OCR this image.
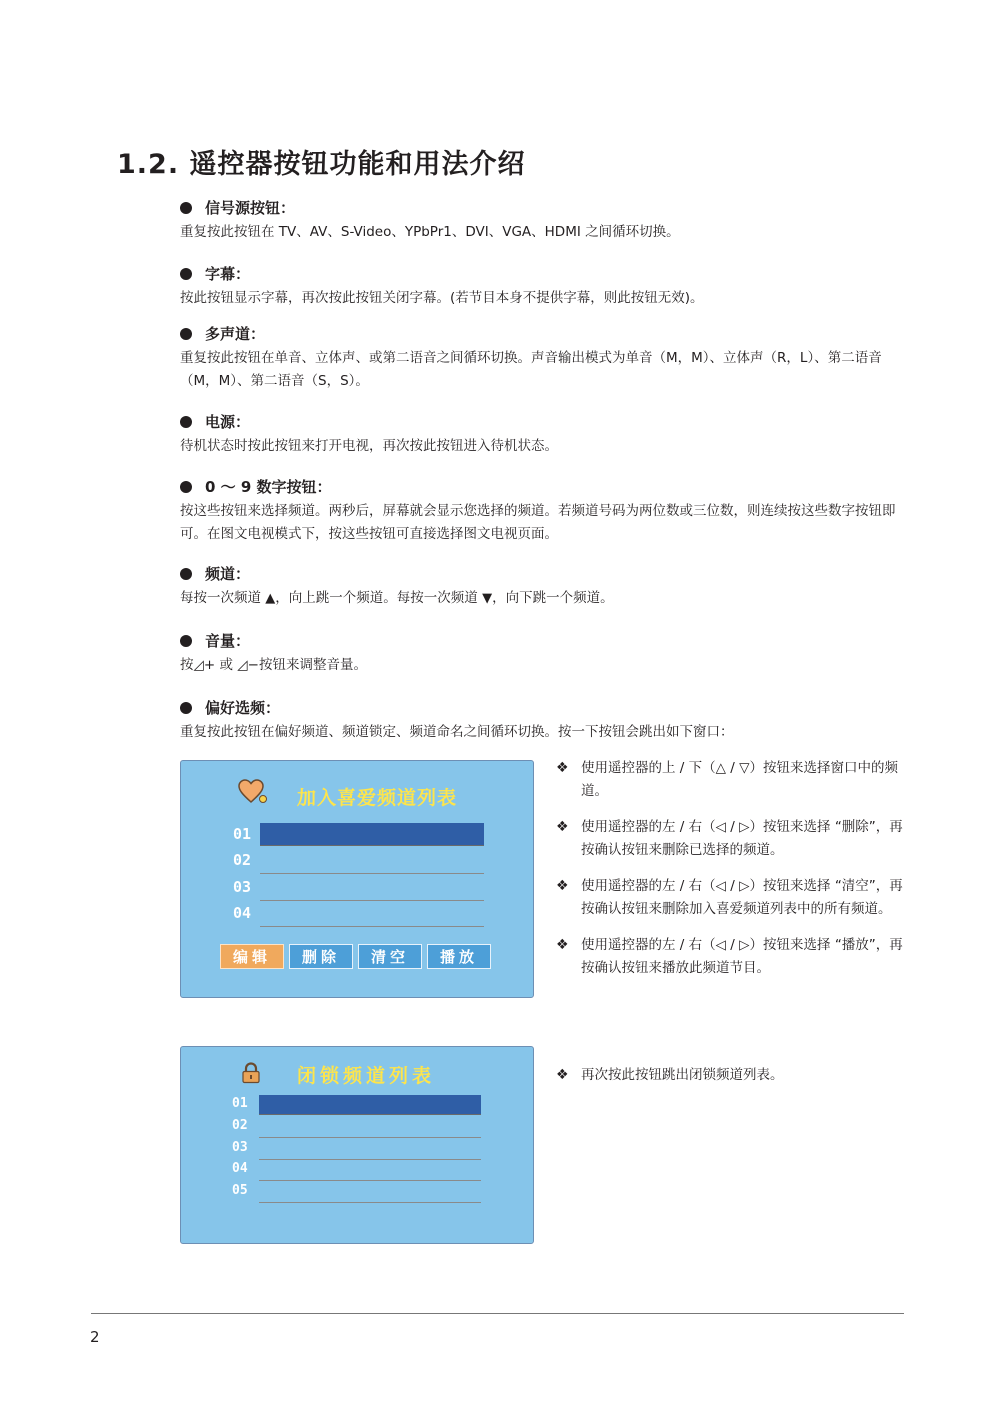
1.2. 遥控器按钮功能和用法介绍
信号源按钮：
重复按此按钮在 TV、AV、S-Video、YPbPr1、DVI、VGA、HDMI 之间循环切换。
字幕：
按此按钮显示字幕，再次按此按钮关闭字幕。(若节目本身不提供字幕，则此按钮无效)。
多声道：
重复按此按钮在单音、立体声、或第二语音之间循环切换。声音输出模式为单音（M，M）、立体声（R，L）、第二语音（M，M）、第二语音（S，S）。
电源：
待机状态时按此按钮来打开电视，再次按此按钮进入待机状态。
0 ～ 9 数字按钮：
按这些按钮来选择频道。两秒后，屏幕就会显示您选择的频道。若频道号码为两位数或三位数，则连续按这些数字按钮即可。在图文电视模式下，按这些按钮可直接选择图文电视页面。
频道：
每按一次频道 ▲，向上跳一个频道。每按一次频道 ▼，向下跳一个频道。
音量：
按◿+ 或 ◿−按钮来调整音量。
偏好选频：
重复按此按钮在偏好频道、频道锁定、频道命名之间循环切换。按一下按钮会跳出如下窗口：
加入喜爱频道列表
01
02
03
04
编辑	删除	清空	播放
❖ 使用遥控器的上 / 下（△ / ▽）按钮来选择窗口中的频道。
❖ 使用遥控器的左 / 右（◁ / ▷）按钮来选择 “删除”，再按确认按钮来删除已选择的频道。
❖ 使用遥控器的左 / 右（◁ / ▷）按钮来选择 “清空”，再按确认按钮来删除加入喜爱频道列表中的所有频道。
❖ 使用遥控器的左 / 右（◁ / ▷）按钮来选择 “播放”，再按确认按钮来播放此频道节目。
闭锁频道列表
01
02
03
04
05
❖ 再次按此按钮跳出闭锁频道列表。
2
